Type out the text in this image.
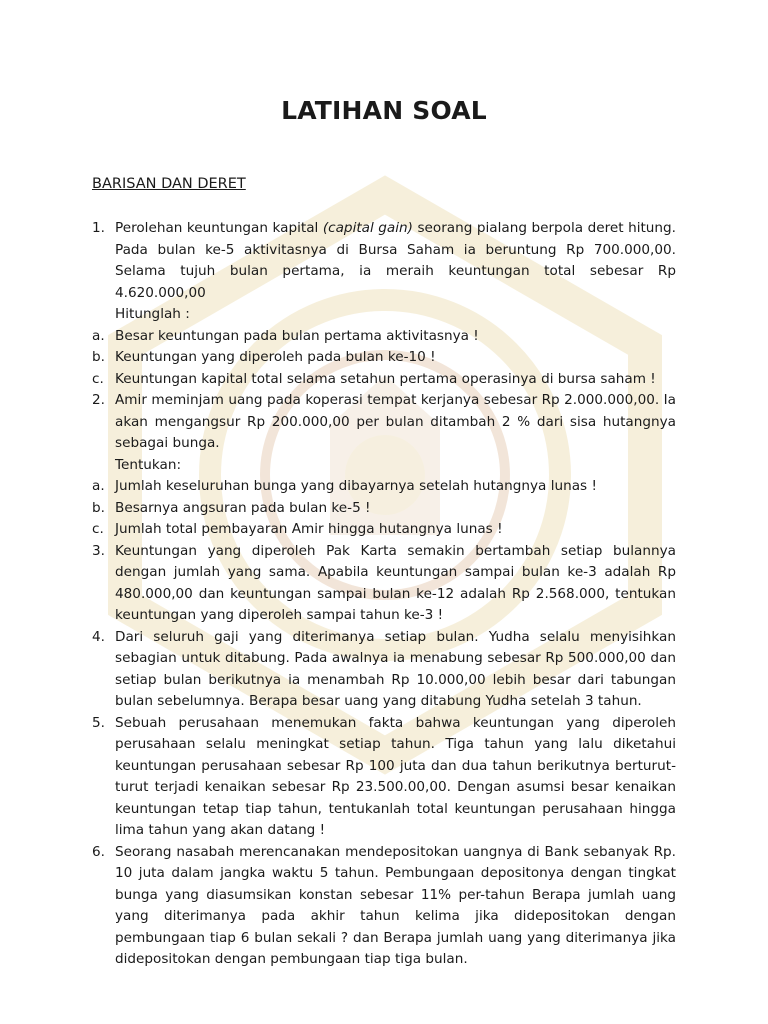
LATIHAN SOAL
BARISAN DAN DERET
1. Perolehan keuntungan kapital (capital gain) seorang pialang berpola deret hitung. Pada bulan ke-5 aktivitasnya di Bursa Saham ia beruntung Rp 700.000,00. Selama tujuh bulan pertama, ia meraih keuntungan total sebesar Rp 4.620.000,00
Hitunglah :
a. Besar keuntungan pada bulan pertama aktivitasnya !
b. Keuntungan yang diperoleh pada bulan ke-10 !
c. Keuntungan kapital total selama setahun pertama operasinya di bursa saham !
2. Amir meminjam uang pada koperasi tempat kerjanya sebesar Rp 2.000.000,00. Ia akan mengangsur Rp 200.000,00 per bulan ditambah 2 % dari sisa hutangnya sebagai bunga.
Tentukan:
a. Jumlah keseluruhan bunga yang dibayarnya setelah hutangnya lunas !
b. Besarnya angsuran pada bulan ke-5 !
c. Jumlah total pembayaran Amir hingga hutangnya lunas !
3. Keuntungan yang diperoleh Pak Karta semakin bertambah setiap bulannya dengan jumlah yang sama. Apabila keuntungan sampai bulan ke-3 adalah Rp 480.000,00 dan keuntungan sampai bulan ke-12 adalah Rp 2.568.000, tentukan keuntungan yang diperoleh sampai tahun ke-3 !
4. Dari seluruh gaji yang diterimanya setiap bulan. Yudha selalu menyisihkan sebagian untuk ditabung. Pada awalnya ia menabung sebesar Rp 500.000,00 dan setiap bulan berikutnya ia menambah Rp 10.000,00 lebih besar dari tabungan bulan sebelumnya. Berapa besar uang yang ditabung Yudha setelah 3 tahun.
5. Sebuah perusahaan menemukan fakta bahwa keuntungan yang diperoleh perusahaan selalu meningkat setiap tahun. Tiga tahun yang lalu diketahui keuntungan perusahaan sebesar Rp 100 juta dan dua tahun berikutnya berturut-turut terjadi kenaikan sebesar Rp 23.500.00,00. Dengan asumsi besar kenaikan keuntungan tetap tiap tahun, tentukanlah total keuntungan perusahaan hingga lima tahun yang akan datang !
6. Seorang nasabah merencanakan mendepositokan uangnya di Bank sebanyak Rp. 10 juta dalam jangka waktu 5 tahun. Pembungaan depositonya dengan tingkat bunga yang diasumsikan konstan sebesar 11% per-tahun Berapa jumlah uang yang diterimanya pada akhir tahun kelima jika didepositokan dengan pembungaan tiap 6 bulan sekali ? dan Berapa jumlah uang yang diterimanya jika didepositokan dengan pembungaan tiap tiga bulan.
